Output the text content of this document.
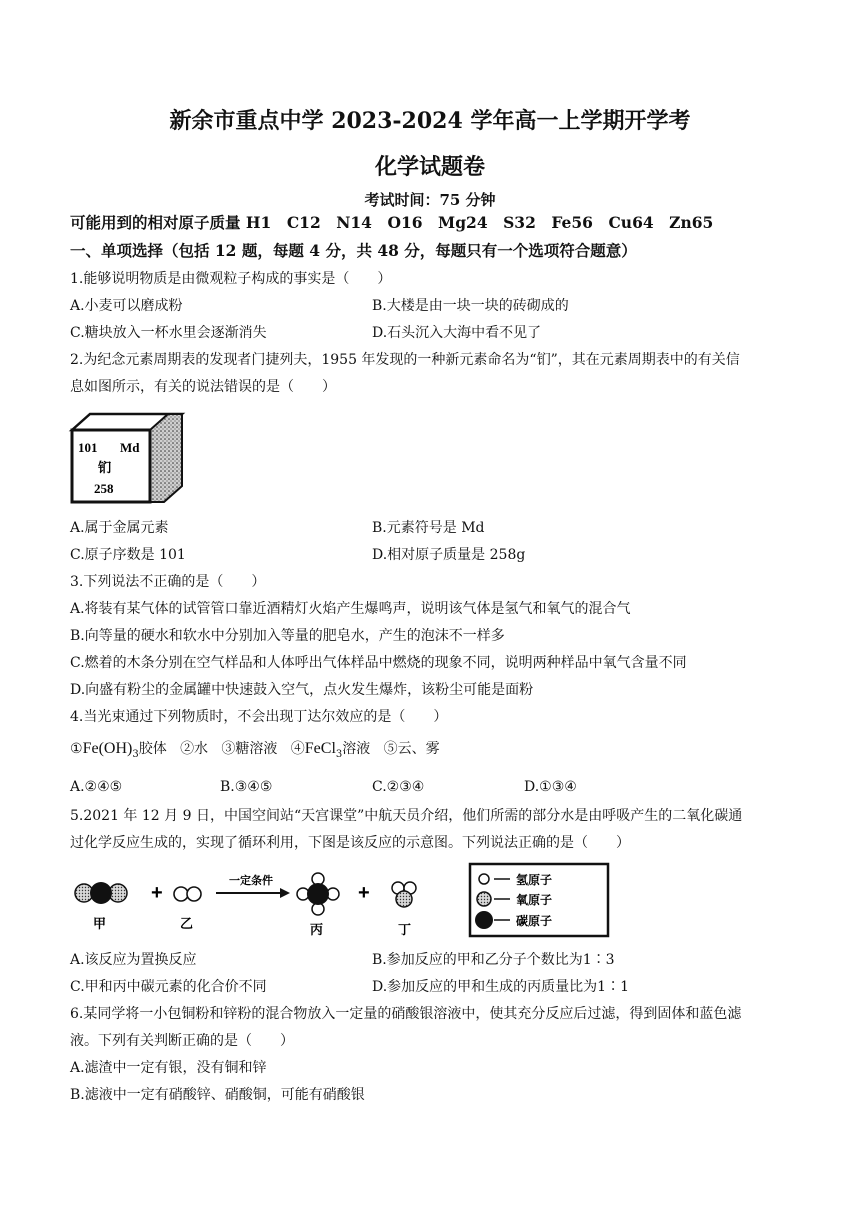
新余市重点中学 2023-2024 学年高一上学期开学考
化学试题卷
考试时间：75 分钟
可能用到的相对原子质量 H1　C12　N14　O16　Mg24　S32　Fe56　Cu64　Zn65
一、单项选择（包括 12 题，每题 4 分，共 48 分，每题只有一个选项符合题意）
1.能够说明物质是由微观粒子构成的事实是（　　）
A.小麦可以磨成粉	B.大楼是由一块一块的砖砌成的
C.糖块放入一杯水里会逐渐消失	D.石头沉入大海中看不见了
2.为纪念元素周期表的发现者门捷列夫，1955 年发现的一种新元素命名为“钔”，其在元素周期表中的有关信
息如图所示，有关的说法错误的是（　　）
101 Md
钔
258
A.属于金属元素	B.元素符号是 Md
C.原子序数是 101	D.相对原子质量是 258g
3.下列说法不正确的是（　　）
A.将装有某气体的试管管口靠近酒精灯火焰产生爆鸣声，说明该气体是氢气和氧气的混合气
B.向等量的硬水和软水中分别加入等量的肥皂水，产生的泡沫不一样多
C.燃着的木条分别在空气样品和人体呼出气体样品中燃烧的现象不同，说明两种样品中氧气含量不同
D.向盛有粉尘的金属罐中快速鼓入空气，点火发生爆炸，该粉尘可能是面粉
4.当光束通过下列物质时，不会出现丁达尔效应的是（　　）
$①Fe(OH)_3$胶体 ②水 ③糖溶液 ④FeCl$_3$溶液 ⑤云、雾
A.②④⑤	B.③④⑤	C.②③④	D.①③④
5.2021 年 12 月 9 日，中国空间站“天宫课堂”中航天员介绍，他们所需的部分水是由呼吸产生的二氧化碳通
过化学反应生成的，实现了循环利用，下图是该反应的示意图。下列说法正确的是（　　）
+
一定条件
+
甲	乙	丙	丁
氢原子
氧原子
碳原子
A.该反应为置换反应	B.参加反应的甲和乙分子个数比为1∶3
C.甲和丙中碳元素的化合价不同	D.参加反应的甲和生成的丙质量比为1∶1
6.某同学将一小包铜粉和锌粉的混合物放入一定量的硝酸银溶液中，使其充分反应后过滤，得到固体和蓝色滤
液。下列有关判断正确的是（　　）
A.滤渣中一定有银，没有铜和锌
B.滤液中一定有硝酸锌、硝酸铜，可能有硝酸银
